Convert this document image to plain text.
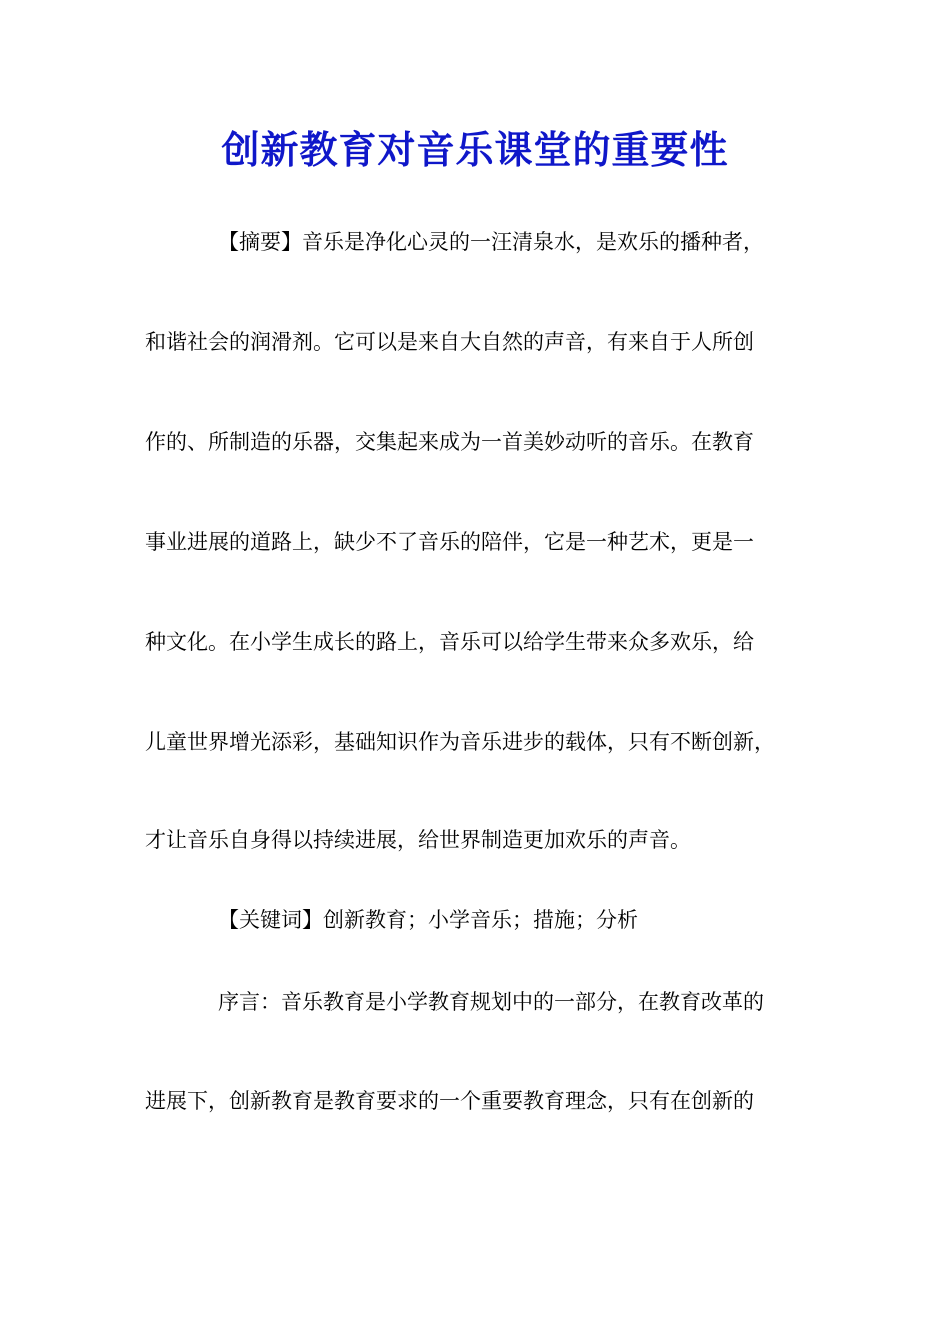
创新教育对音乐课堂的重要性

【摘要】音乐是净化心灵的一汪清泉水，是欢乐的播种者，

和谐社会的润滑剂。它可以是来自大自然的声音，有来自于人所创

作的、所制造的乐器，交集起来成为一首美妙动听的音乐。在教育

事业进展的道路上，缺少不了音乐的陪伴，它是一种艺术，更是一

种文化。在小学生成长的路上，音乐可以给学生带来众多欢乐，给

儿童世界增光添彩，基础知识作为音乐进步的载体，只有不断创新，

才让音乐自身得以持续进展，给世界制造更加欢乐的声音。

【关键词】创新教育；小学音乐；措施；分析

序言：音乐教育是小学教育规划中的一部分，在教育改革的

进展下，创新教育是教育要求的一个重要教育理念，只有在创新的
